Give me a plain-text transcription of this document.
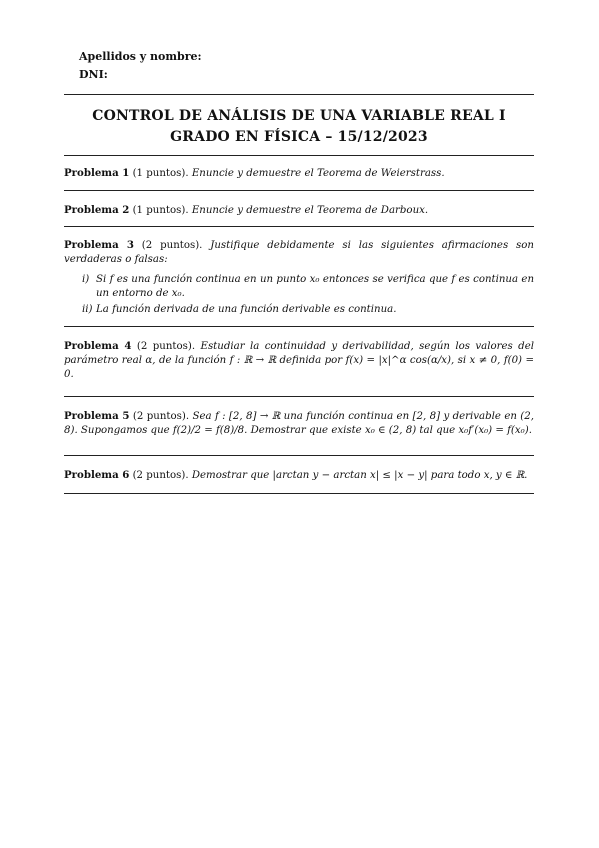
Apellidos y nombre:
DNI:
CONTROL DE ANÁLISIS DE UNA VARIABLE REAL I
GRADO EN FÍSICA – 15/12/2023
Problema 1 (1 puntos). Enuncie y demuestre el Teorema de Weierstrass.
Problema 2 (1 puntos). Enuncie y demuestre el Teorema de Darboux.
Problema 3 (2 puntos). Justifique debidamente si las siguientes afirmaciones son verdaderas o falsas:
i) Si f es una función continua en un punto x₀ entonces se verifica que f es continua en un entorno de x₀.
ii) La función derivada de una función derivable es continua.
Problema 4 (2 puntos). Estudiar la continuidad y derivabilidad, según los valores del parámetro real α, de la función f : ℝ → ℝ definida por f(x) = |x|^α cos(α/x), si x ≠ 0, f(0) = 0.
Problema 5 (2 puntos). Sea f : [2, 8] → ℝ una función continua en [2, 8] y derivable en (2, 8). Supongamos que f(2)/2 = f(8)/8. Demostrar que existe x₀ ∈ (2, 8) tal que x₀f′(x₀) = f(x₀).
Problema 6 (2 puntos). Demostrar que |arctan y − arctan x| ≤ |x − y| para todo x, y ∈ ℝ.
